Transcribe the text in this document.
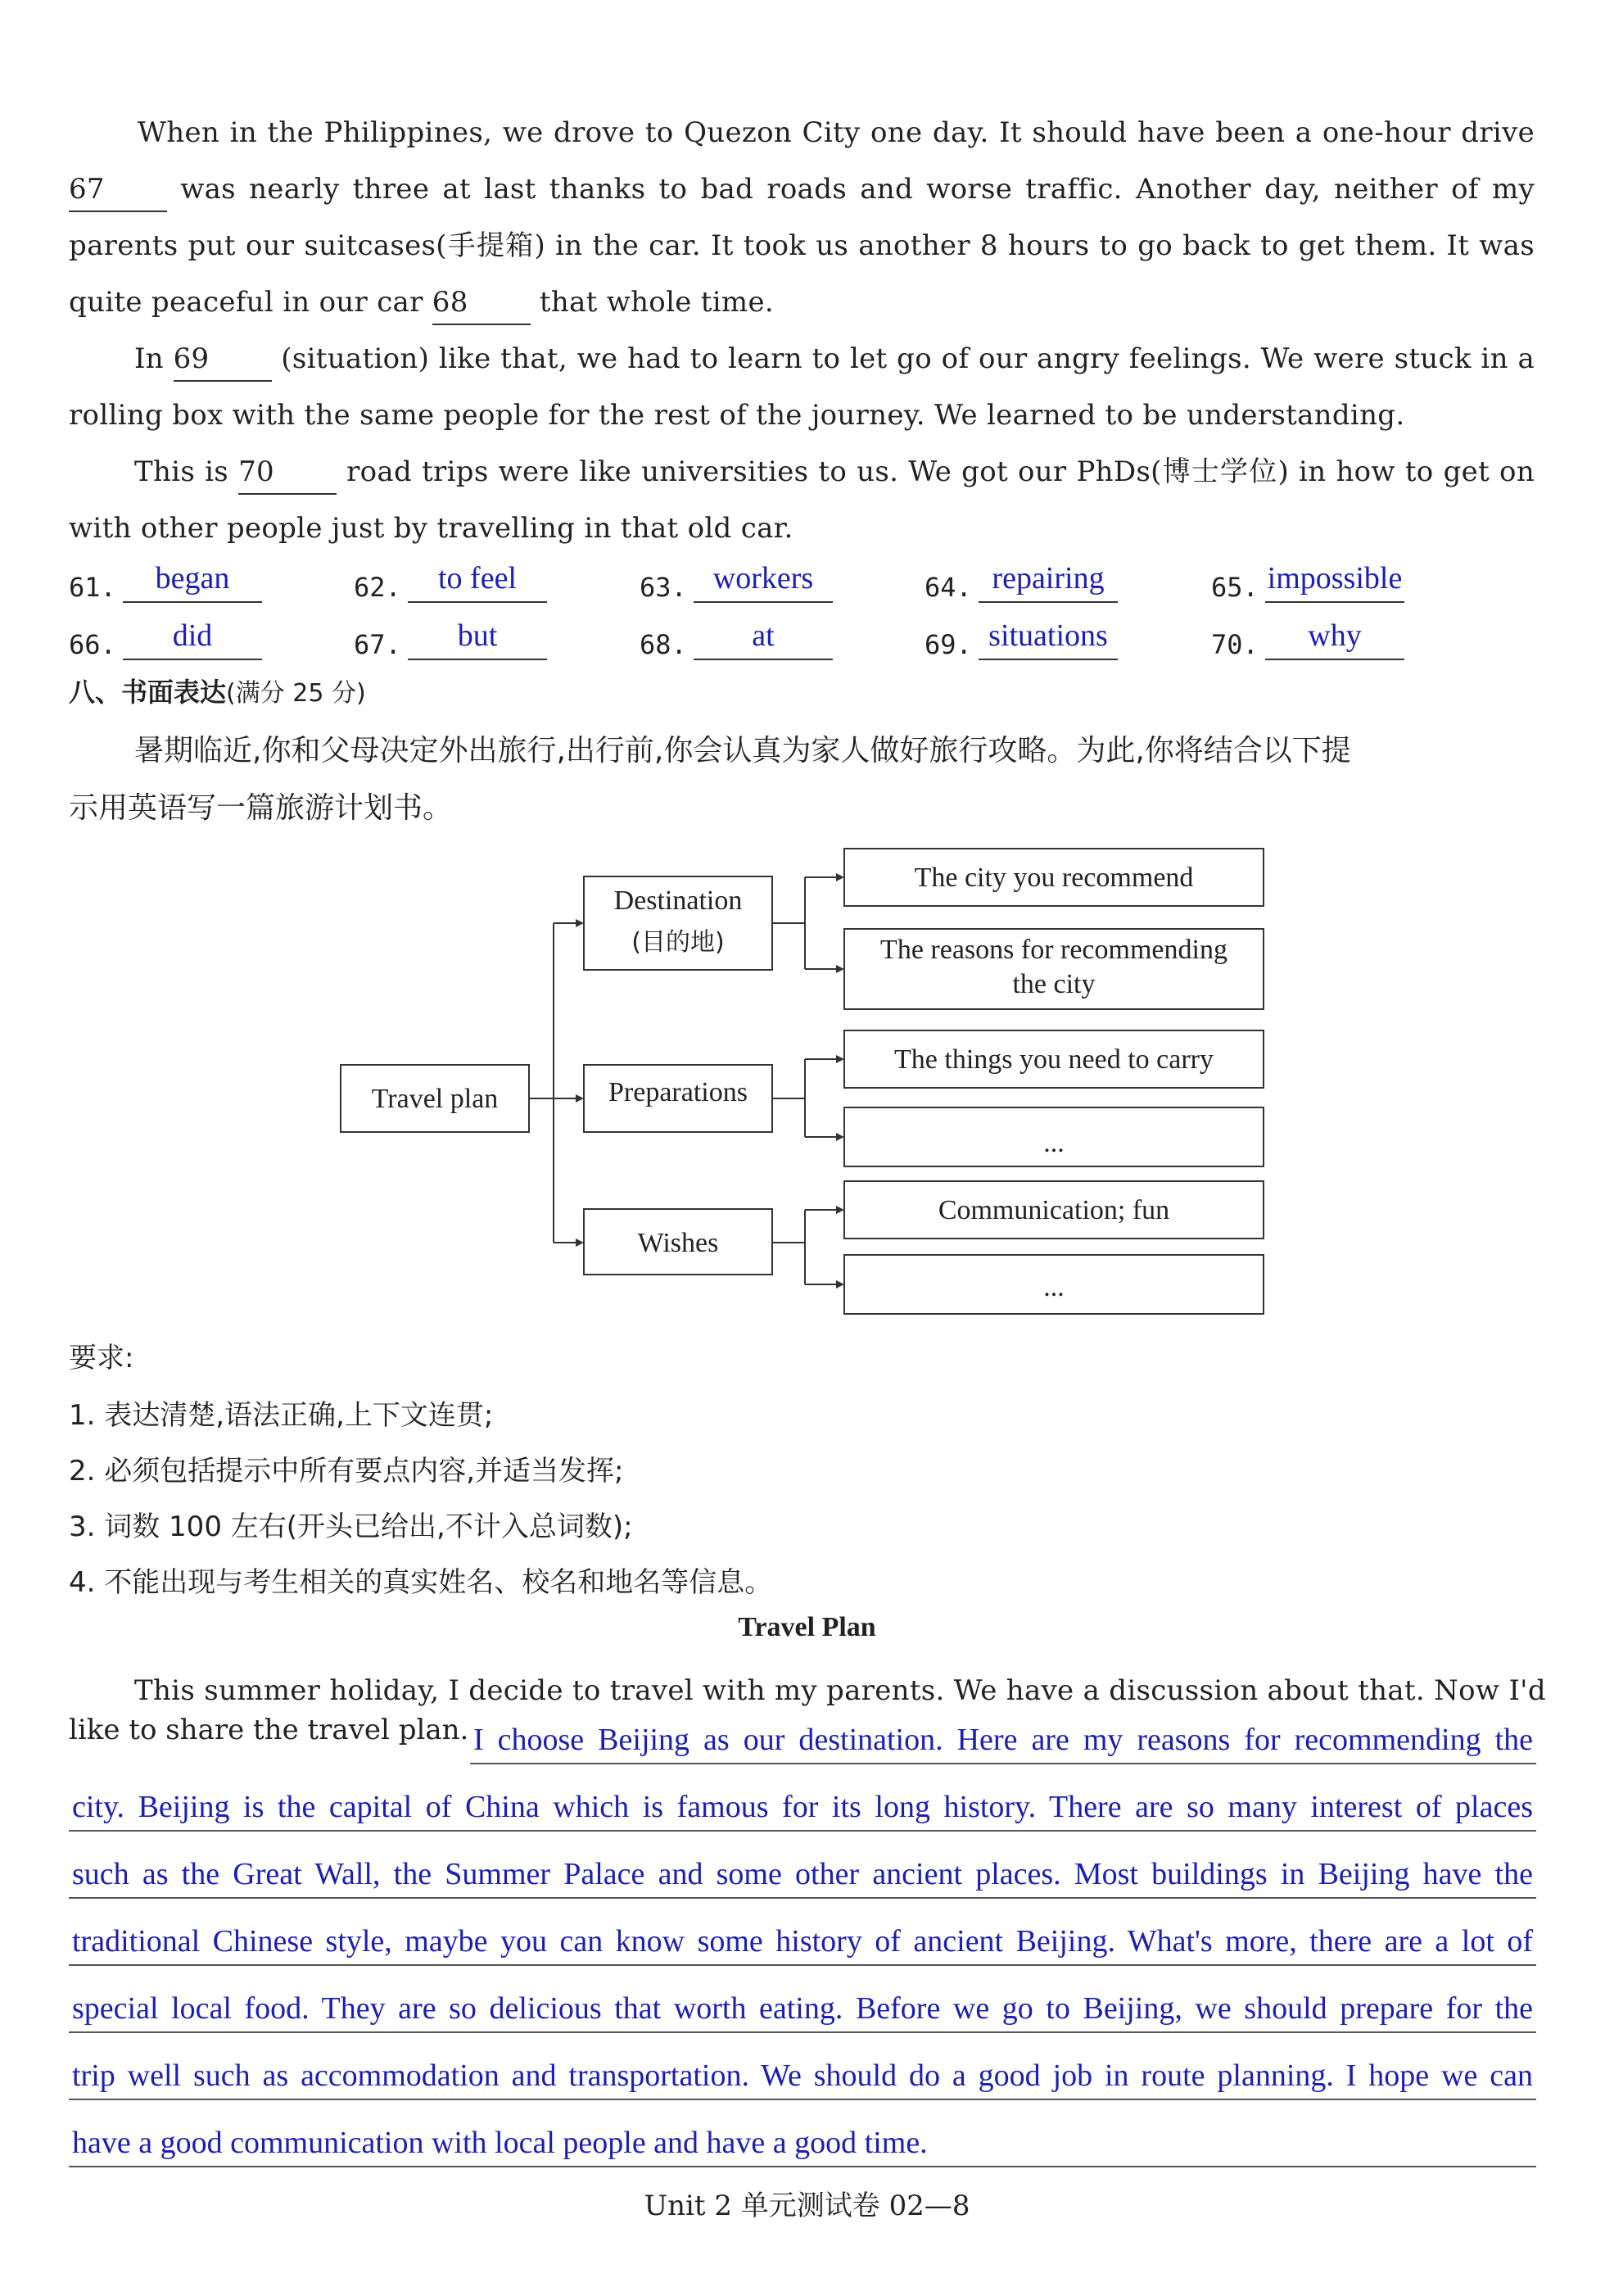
When in the Philippines, we drove to Quezon City one day. It should have been a one-hour drive
67	was nearly three at last thanks to bad roads and worse traffic. Another day, neither of my
parents put our suitcases(手提箱) in the car. It took us another 8 hours to go back to get them. It was
quite peaceful in our car 68	that whole time.
In 69	(situation) like that, we had to learn to let go of our angry feelings. We were stuck in a
rolling box with the same people for the rest of the journey. We learned to be understanding.
This is 70	road trips were like universities to us. We got our PhDs(博士学位) in how to get on
with other people just by travelling in that old car.
61.	began	62.	to feel	63. workers	64. repairing	65. impossible
66.	did	67.	but	68.	at	69. situations	70.	why
八、书面表达(满分 25 分)
暑期临近,你和父母决定外出旅行,出行前,你会认真为家人做好旅行攻略。为此,你将结合以下提
示用英语写一篇旅游计划书。
Travel plan
Destination
(目的地)
Preparations
Wishes
The city you recommend
The reasons for recommending
the city
The things you need to carry
...
Communication; fun
...
要求:
1. 表达清楚,语法正确,上下文连贯;
2. 必须包括提示中所有要点内容,并适当发挥;
3. 词数 100 左右(开头已给出,不计入总词数);
4. 不能出现与考生相关的真实姓名、校名和地名等信息。
Travel Plan
This summer holiday, I decide to travel with my parents. We have a discussion about that. Now I'd
like to share the travel plan. I choose Beijing as our destination. Here are my reasons for recommending the
city. Beijing is the capital of China which is famous for its long history. There are so many interest of places
such as the Great Wall, the Summer Palace and some other ancient places. Most buildings in Beijing have the
traditional Chinese style, maybe you can know some history of ancient Beijing. What's more, there are a lot of
special local food. They are so delicious that worth eating. Before we go to Beijing, we should prepare for the
trip well such as accommodation and transportation. We should do a good job in route planning. I hope we can
have a good communication with local people and have a good time.
Unit 2 单元测试卷 02—8
